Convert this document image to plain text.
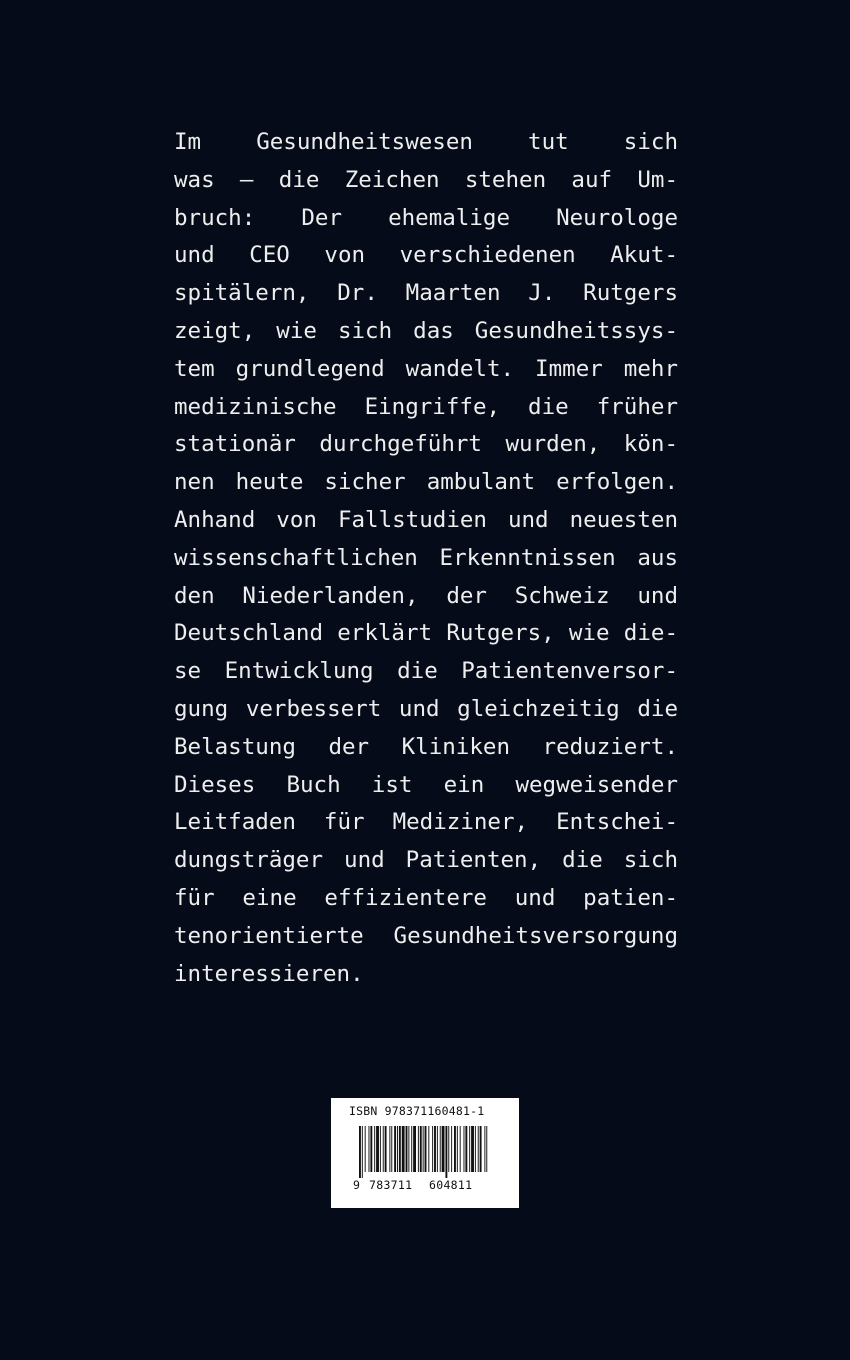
Im Gesundheitswesen tut sich
was – die Zeichen stehen auf Um-
bruch: Der ehemalige Neurologe
und CEO von verschiedenen Akut-
spitälern, Dr. Maarten J. Rutgers
zeigt, wie sich das Gesundheitssys-
tem grundlegend wandelt. Immer mehr
medizinische Eingriffe, die früher
stationär durchgeführt wurden, kön-
nen heute sicher ambulant erfolgen.
Anhand von Fallstudien und neuesten
wissenschaftlichen Erkenntnissen aus
den Niederlanden, der Schweiz und
Deutschland erklärt Rutgers, wie die-
se Entwicklung die Patientenversor-
gung verbessert und gleichzeitig die
Belastung der Kliniken reduziert.
Dieses Buch ist ein wegweisender
Leitfaden für Mediziner, Entschei-
dungsträger und Patienten, die sich
für eine effizientere und patien-
tenorientierte Gesundheitsversorgung
interessieren.
ISBN 978371160481-1
9 783711 604811
